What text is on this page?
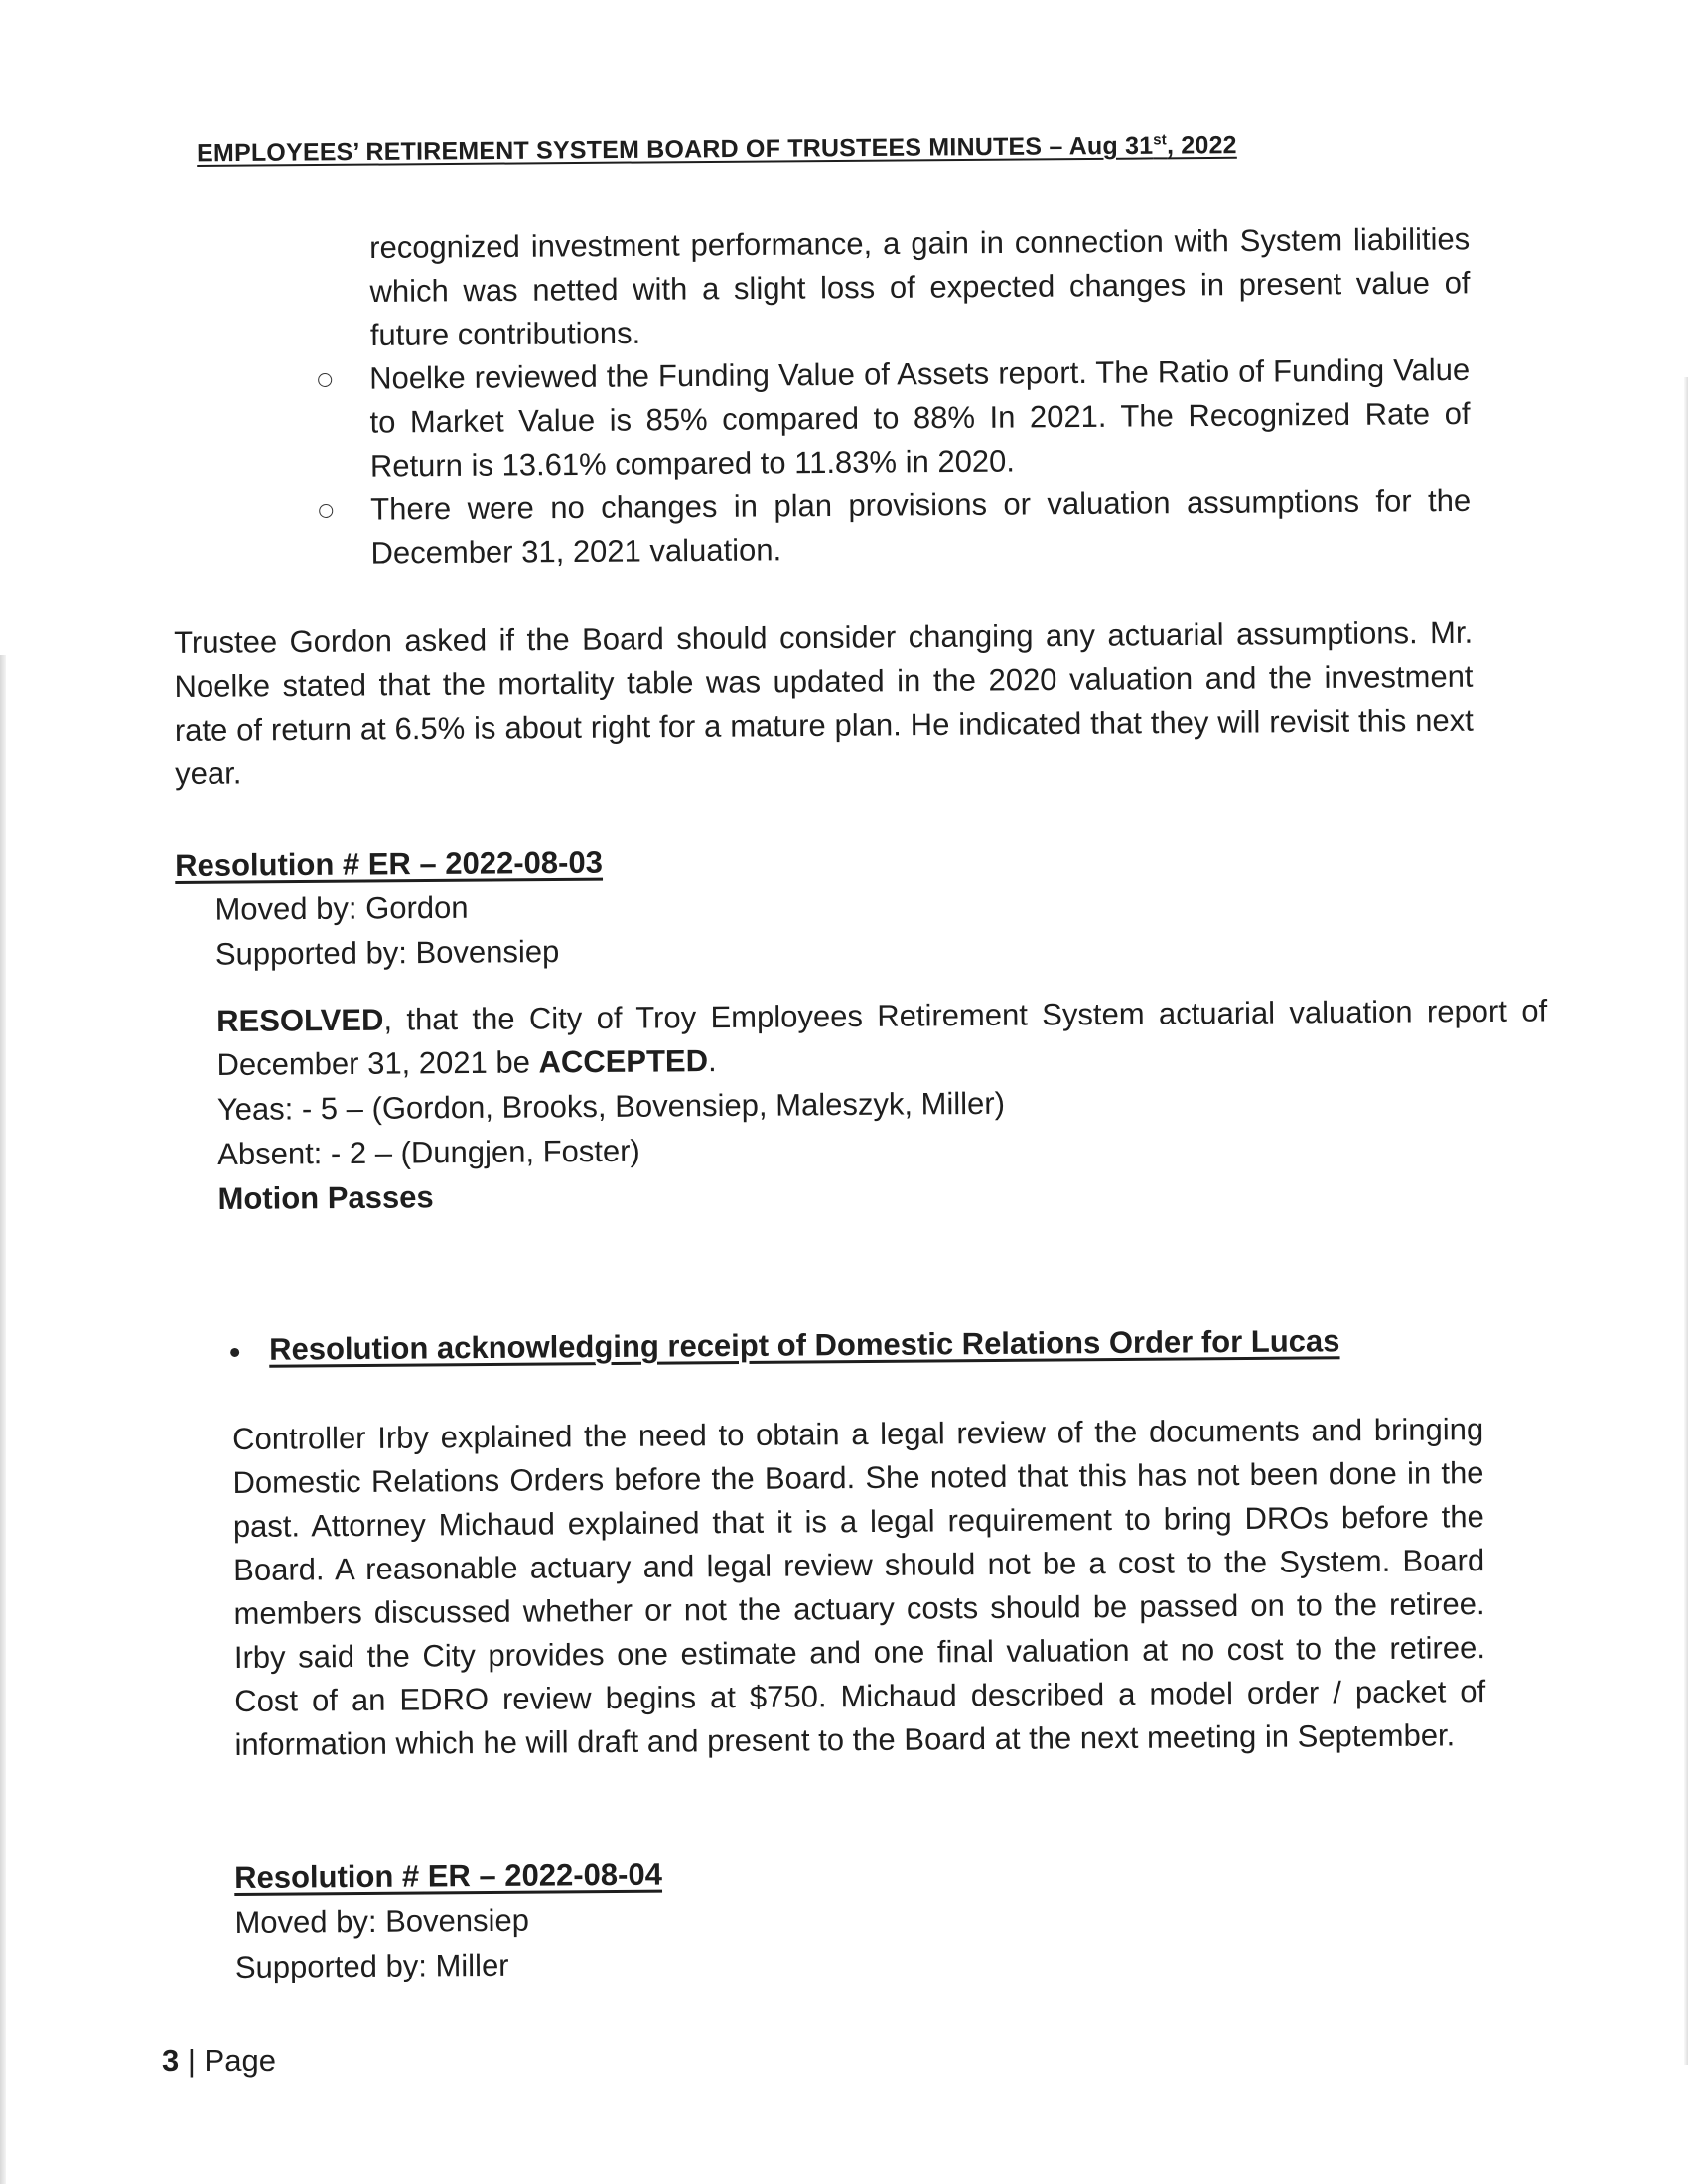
EMPLOYEES’ RETIREMENT SYSTEM BOARD OF TRUSTEES MINUTES – Aug 31st, 2022

recognized investment performance, a gain in connection with System liabilities which was netted with a slight loss of expected changes in present value of future contributions.

Noelke reviewed the Funding Value of Assets report. The Ratio of Funding Value to Market Value is 85% compared to 88% In 2021. The Recognized Rate of Return is 13.61% compared to 11.83% in 2020.

There were no changes in plan provisions or valuation assumptions for the December 31, 2021 valuation.

Trustee Gordon asked if the Board should consider changing any actuarial assumptions. Mr. Noelke stated that the mortality table was updated in the 2020 valuation and the investment rate of return at 6.5% is about right for a mature plan. He indicated that they will revisit this next year.

Resolution # ER – 2022-08-03

Moved by: Gordon

Supported by: Bovensiep

RESOLVED, that the City of Troy Employees Retirement System actuarial valuation report of December 31, 2021 be ACCEPTED.

Yeas: - 5 – (Gordon, Brooks, Bovensiep, Maleszyk, Miller)

Absent: - 2 – (Dungjen, Foster)

Motion Passes

Resolution acknowledging receipt of Domestic Relations Order for Lucas

Controller Irby explained the need to obtain a legal review of the documents and bringing Domestic Relations Orders before the Board. She noted that this has not been done in the past. Attorney Michaud explained that it is a legal requirement to bring DROs before the Board. A reasonable actuary and legal review should not be a cost to the System. Board members discussed whether or not the actuary costs should be passed on to the retiree. Irby said the City provides one estimate and one final valuation at no cost to the retiree. Cost of an EDRO review begins at $750. Michaud described a model order / packet of information which he will draft and present to the Board at the next meeting in September.

Resolution # ER – 2022-08-04

Moved by: Bovensiep

Supported by: Miller

3 | Page
